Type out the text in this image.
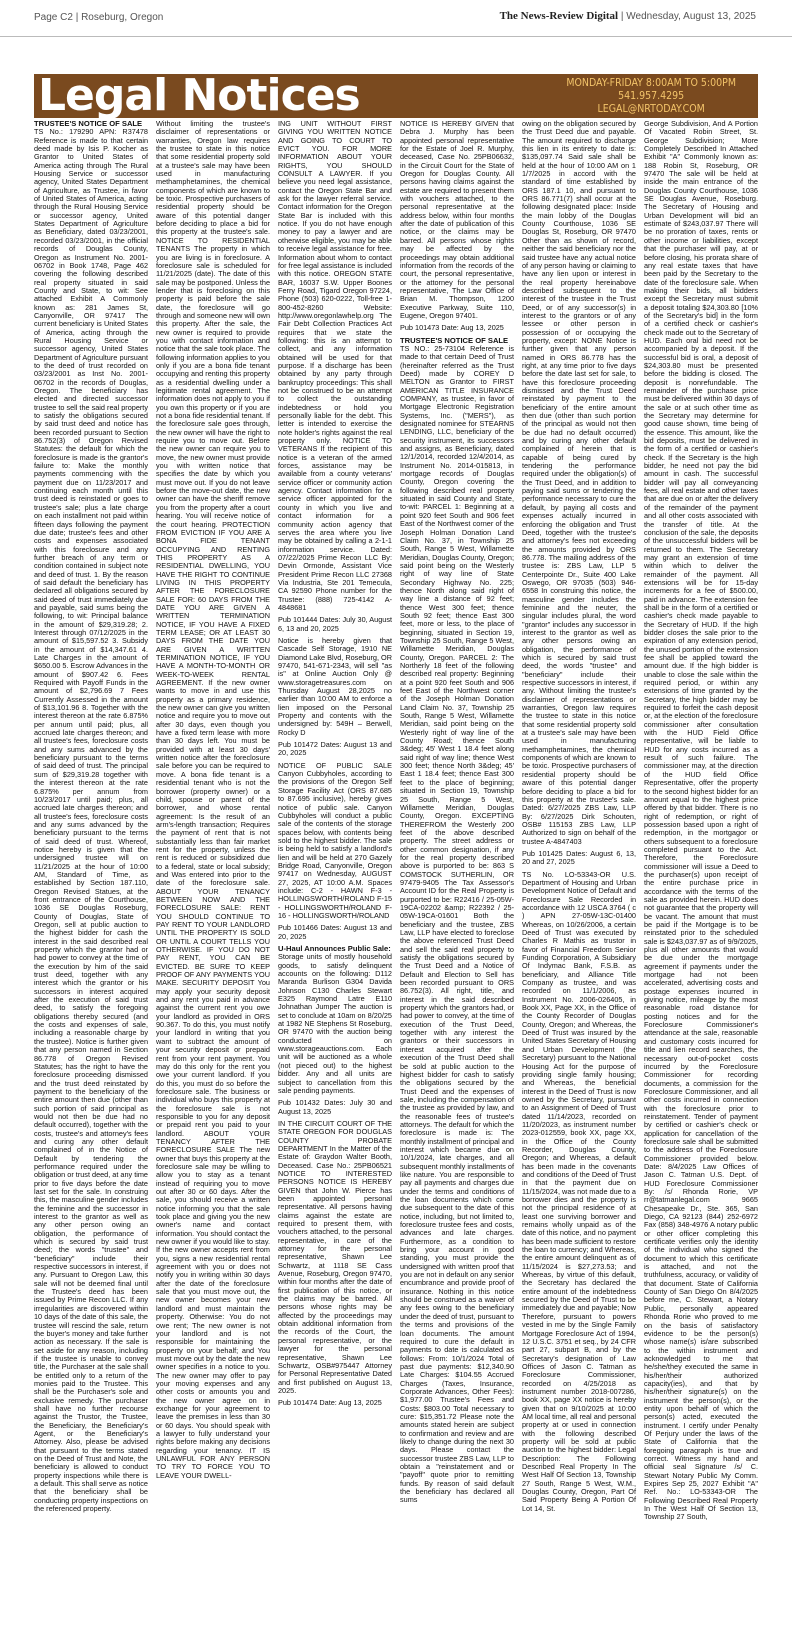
Page C2 | Roseburg, Oregon	The News-Review Digital | Wednesday, August 13, 2025
Legal Notices	MONDAY-FRIDAY 8:00AM TO 5:00PM
541.957.4295
LEGAL@NRTODAY.COM
TRUSTEE'S NOTICE OF SALE
TS No.: 179290 APN: R37478 Reference is made to that certain deed made by Isis P. Kocher as Grantor to United States of America acting through The Rural Housing Service or successor agency, United States Department of Agriculture, as Trustee, in favor of United States of America, acting through the Rural Housing Service or successor agency, United States Department of Agriculture as Beneficiary, dated 03/23/2001, recorded 03/23/2001, in the official records of Douglas County, Oregon as Instrument No. 2001-06702 in Book 1748, Page 462 covering the following described real property situated in said County and State, to wit: See attached Exhibit A Commonly known as: 281 James St, Canyonville, OR 97417 The current beneficiary is United States of America, acting through the Rural Housing Service or successor agency, United States Department of Agriculture pursuant to the deed of trust recorded on 03/23/2001 as Inst No. 2001-06702 in the records of Douglas, Oregon. The beneficiary has elected and directed successor trustee to sell the said real property to satisfy the obligations secured by said trust deed and notice has been recorded pursuant to Section 86.752(3) of Oregon Revised Statutes: the default for which the foreclosure is made is the grantor's failure to: Make the monthly payments commencing with the payment due on 11/23/2017 and continuing each month until this trust deed is reinstated or goes to trustee's sale; plus a late charge on each installment not paid within fifteen days following the payment due date; trustee's fees and other costs and expenses associated with this foreclosure and any further breach of any term or condition contained in subject note and deed of trust. 1. By the reason of said default the beneficiary has declared all obligations secured by said deed of trust immediately due and payable, said sums being the following, to wit: Principal balance in the amount of $29,319.28; 2. Interest through 07/12/2025 in the amount of $15,597.52 3. Subsidy in the amount of $14,347.61 4. Late Charges in the amount of $650.00 5. Escrow Advances in the amount of $907.42 6. Fees Required with Payoff Funds in the amount of $2,796.69 7 Fees Currently Assessed in the amount of $13,101.96 8. Together with the interest thereon at the rate 6.875% per annum until paid; plus, all accrued late charges thereon; and all trustee's fees, foreclosure costs and any sums advanced by the beneficiary pursuant to the terms of said deed of trust. The principal sum of $29,319.28 together with the interest thereon at the rate 6.875% per annum from 10/23/2017 until paid; plus, all accrued late charges thereon; and all trustee's fees, foreclosure costs and any sums advanced by the beneficiary pursuant to the terms of said deed of trust. Whereof, notice hereby is given that the undersigned trustee will on 11/21/2025 at the hour of 10:00 AM, Standard of Time, as established by Section 187.110, Oregon Revised Statues, at the front entrance of the Courthouse, 1036 SE Douglas Roseburg, County of Douglas, State of Oregon, sell at public auction to the highest bidder for cash the interest in the said described real property which the grantor had or had power to convey at the time of the execution by him of the said trust deed, together with any interest which the grantor or his successors in interest acquired after the execution of said trust deed, to satisfy the foregoing obligations thereby secured (and the costs and expenses of sale, including a reasonable charge by the trustee). Notice is further given that any person named in Section 86.778 of Oregon Revised Statutes; has the right to have the foreclosure proceeding dismissed and the trust deed reinstated by payment to the beneficiary of the entire amount then due (other than such portion of said principal as would not then be due had no default occurred), together with the costs, trustee's and attorney's fees and curing any other default complained of in the Notice of Default by tendering the performance required under the obligation or trust deed, at any time prior to five days before the date last set for the sale. In construing this, the masculine gender includes the feminine and the successor in interest to the grantor as well as any other person owing an obligation, the performance of which is secured by said trust deed; the words "trustee" and "beneficiary" include their respective successors in interest, if any. Pursuant to Oregon Law, this sale will not be deemed final until the Trustee's deed has been issued by Prime Recon LLC. If any irregularities are discovered within 10 days of the date of this sale, the trustee will rescind the sale, return the buyer's money and take further action as necessary. If the sale is set aside for any reason, including if the trustee is unable to convey title, the Purchaser at the sale shall be entitled only to a return of the monies paid to the Trustee. This shall be the Purchaser's sole and exclusive remedy. The purchaser shall have no further recourse against the Trustor, the Trustee, the Beneficiary, the Beneficiary's Agent, or the Beneficiary's Attorney. Also, please be advised that pursuant to the terms stated on the Deed of Trust and Note, the beneficiary is allowed to conduct property inspections while there is a default. This shall serve as notice that the beneficiary shall be conducting property inspections on the referenced property.
Without limiting the trustee's disclaimer of representations or warranties, Oregon law requires the trustee to state in this notice that some residential property sold at a trustee's sale may have been used in manufacturing methamphetamines, the chemical components of which are known to be toxic. Prospective purchasers of residential property should be aware of this potential danger before deciding to place a bid for this property at the trustee's sale. NOTICE TO RESIDENTIAL TENANTS The property in which you are living is in foreclosure. A foreclosure sale is scheduled for 11/21/2025 (date). The date of this sale may be postponed. Unless the lender that is foreclosing on this property is paid before the sale date, the foreclosure will go through and someone new will own this property. After the sale, the new owner is required to provide you with contact information and notice that the sale took place. The following information applies to you only if you are a bona fide tenant occupying and renting this property as a residential dwelling under a legitimate rental agreement. The information does not apply to you if you own this property or if you are not a bona fide residential tenant. If the foreclosure sale goes through, the new owner will have the right to require you to move out. Before the new owner can require you to move, the new owner must provide you with written notice that specifies the date by which you must move out. If you do not leave before the move-out date, the new owner can have the sheriff remove you from the property after a court hearing. You will receive notice of the court hearing. PROTECTION FROM EVICTION IF YOU ARE A BONA FIDE TENANT OCCUPYING AND RENTING THIS PROPERTY AS A RESIDENTIAL DWELLING, YOU HAVE THE RIGHT TO CONTINUE LIVING IN THIS PROPERTY AFTER THE FORECLOSURE SALE FOR: 60 DAYS FROM THE DATE YOU ARE GIVEN A WRITTEN TERMINATION NOTICE, IF YOU HAVE A FIXED TERM LEASE; OR AT LEAST 30 DAYS FROM THE DATE YOU ARE GIVEN A WRITTEN TERMINATION NOTICE, IF YOU HAVE A MONTH-TO-MONTH OR WEEK-TO-WEEK RENTAL AGREEMENT. If the new owner wants to move in and use this property as a primary residence, the new owner can give you written notice and require you to move out after 30 days, even though you have a fixed term lease with more than 30 days left. You must be provided with at least 30 days' written notice after the foreclosure sale before you can be required to move. A bona fide tenant is a residential tenant who is not the borrower (property owner) or a child, spouse or parent of the borrower, and whose rental agreement: Is the result of an arm's-length transaction; Requires the payment of rent that is not substantially less than fair market rent for the property, unless the rent is reduced or subsidized due to a federal, state or local subsidy; and Was entered into prior to the date of the foreclosure sale. ABOUT YOUR TENANCY BETWEEN NOW AND THE FORECLOSURE SALE: RENT YOU SHOULD CONTINUE TO PAY RENT TO YOUR LANDLORD UNTIL THE PROPERTY IS SOLD OR UNTIL A COURT TELLS YOU OTHERWISE. IF YOU DO NOT PAY RENT, YOU CAN BE EVICTED. BE SURE TO KEEP PROOF OF ANY PAYMENTS YOU MAKE. SECURITY DEPOSIT You may apply your security deposit and any rent you paid in advance against the current rent you owe your landlord as provided in ORS 90.367. To do this, you must notify your landlord in writing that you want to subtract the amount of your security deposit or prepaid rent from your rent payment. You may do this only for the rent you owe your current landlord. If you do this, you must do so before the foreclosure sale. The business or individual who buys this property at the foreclosure sale is not responsible to you for any deposit or prepaid rent you paid to your landlord. ABOUT YOUR TENANCY AFTER THE FORECLOSURE SALE The new owner that buys this property at the foreclosure sale may be willing to allow you to stay as a tenant instead of requiring you to move out after 30 or 60 days. After the sale, you should receive a written notice informing you that the sale took place and giving you the new owner's name and contact information. You should contact the new owner if you would like to stay. If the new owner accepts rent from you, signs a new residential rental agreement with you or does not notify you in writing within 30 days after the date of the foreclosure sale that you must move out, the new owner becomes your new landlord and must maintain the property. Otherwise: You do not owe rent; The new owner is not your landlord and is not responsible for maintaining the property on your behalf; and You must move out by the date the new owner specifies in a notice to you. The new owner may offer to pay your moving expenses and any other costs or amounts you and the new owner agree on in exchange for your agreement to leave the premises in less than 30 or 60 days. You should speak with a lawyer to fully understand your rights before making any decisions regarding your tenancy. IT IS UNLAWFUL FOR ANY PERSON TO TRY TO FORCE YOU TO LEAVE YOUR DWELL-
ING UNIT WITHOUT FIRST GIVING YOU WRITTEN NOTICE AND GOING TO COURT TO EVICT YOU. FOR MORE INFORMATION ABOUT YOUR RIGHTS, YOU SHOULD CONSULT A LAWYER. If you believe you need legal assistance, contact the Oregon State Bar and ask for the lawyer referral service. Contact information for the Oregon State Bar is included with this notice. If you do not have enough money to pay a lawyer and are otherwise eligible, you may be able to receive legal assistance for free. Information about whom to contact for free legal assistance is included with this notice. OREGON STATE BAR, 16037 S.W. Upper Boones Ferry Road, Tigard Oregon 97224, Phone (503) 620-0222, Toll-free 1-800-452-8260 Website: http://www.oregonlawhelp.org The Fair Debt Collection Practices Act requires that we state the following: this is an attempt to collect, and any information obtained will be used for that purpose. If a discharge has been obtained by any party through bankruptcy proceedings: This shall not be construed to be an attempt to collect the outstanding indebtedness or hold you personally liable for the debt. This letter is intended to exercise the note holder's rights against the real property only. NOTICE TO VETERANS If the recipient of this notice is a veteran of the armed forces, assistance may be available from a county veterans' service officer or community action agency. Contact information for a service officer appointed for the county in which you live and contact information for a community action agency that serves the area where you live may be obtained by calling a 2-1-1 information service. Dated: 07/22/2025 Prime Recon LLC By: Devin Ormonde, Assistant Vice President Prime Recon LLC 27368 Via Industria, Ste 201 Temecula, CA 92590 Phone number for the Trustee: (888) 725-4142 A-4848681
Pub 101444 Dates: July 30, August 6, 13 and 20, 2025
Notice is hereby given that Cascade Self Storage, 1910 NE Diamond Lake Blvd, Roseburg, OR 97470, 541-671-2343, will sell "as is" at Online Auction Only @ www.storagetreasures.com on Thursday August 28,2025 no earlier than 10:00 AM to enforce a lien imposed on the Personal Property and contents with the undersigned by: 549H – Berwell, Rocky D
Pub 101472 Dates: August 13 and 20, 2025
NOTICE OF PUBLIC SALE Canyon Cubbyholes, according to the provisions of the Oregon Self Storage Facility Act (ORS 87.685 to 87.695 inclusive), hereby gives notice of public sale. Canyon Cubbyholes will conduct a public sale of the contents of the storage spaces below, with contents being sold to the highest bidder. The sale is being held to satisfy a landlord's lien and will be held at 270 Gazely Bridge Road, Canyonville, Oregon 97417 on Wednesday, AUGUST 27, 2025, AT 10:00 A.M. Spaces include: C-2 - HAWN F-3 - HOLLINGSWORTH/ROLAND F-15 - HOLLINGSWORTH/ROLAND F-16 - HOLLINGSWORTH/ROLAND
Pub 101466 Dates: August 13 and 20, 2025
U-Haul Announces Public Sale:
Storage units of mostly household goods, to satisfy delinquent accounts on the following: D112 Maranda Burlison G304 Davida Johnson C130 Charles Stewart E325 Raymond Latre E110 Johnathan Jumper The auction is set to conclude at 10am on 8/20/25 at 1982 NE Stephens St Roseburg, OR 97470 with the auction being conducted on www.storageauctions.com. Each unit will be auctioned as a whole (not pieced out) to the highest bidder. Any and all units are subject to cancellation from this sale pending payments.
Pub 101432 Dates: July 30 and August 13, 2025
IN THE CIRCUIT COURT OF THE STATE OREGON FOR DOUGLAS COUNTY PROBATE DEPARTMENT In the Matter of the Estate of: Graydon Walter Booth, Deceased. Case No.: 25PB06521 NOTICE TO INTERESTED PERSONS NOTICE IS HEREBY GIVEN that John W. Pierce has been appointed personal representative. All persons having claims against the estate are required to present them, with vouchers attached, to the personal representative, in care of the attorney for the personal representative, Shawn Lee Schwartz, at 1118 SE Cass Avenue, Roseburg, Oregon 97470, within four months after the date of first publication of this notice, or the claims may be barred. All persons whose rights may be affected by the proceedings may obtain additional information from the records of the Court, the personal representative, or the lawyer for the personal representative, Shawn Lee Schwartz, OSB#975447 Attorney for Personal Representative Dated and first published on August 13, 2025.
Pub 101474 Date: Aug 13, 2025
NOTICE IS HEREBY GIVEN that Debra J. Murphy has been appointed personal representative for the Estate of Joel R. Murphy, deceased, Case No. 25PB06632, in the Circuit Court for the State of Oregon for Douglas County. All persons having claims against the estate are required to present them with vouchers attached, to the personal representative at the address below, within four months after the date of publication of this notice, or the claims may be barred. All persons whose rights may be affected by the proceedings may obtain additional information from the records of the court, the personal representative, or the attorney for the personal representative, The Law Office of Brian M. Thompson, 1200 Executive Parkway, Suite 110, Eugene, Oregon 97401.
Pub 101473 Date: Aug 13, 2025
TRUSTEE'S NOTICE OF SALE
TS NO.: 25-73104 Reference is made to that certain Deed of Trust (hereinafter referred as the Trust Deed) made by COREY D MELTON as Grantor to FIRST AMERICAN TITLE INSURANCE COMPANY, as trustee, in favor of Mortgage Electronic Registration Systems, Inc. ("MERS"), as designated nominee for STEARNS LENDING, LLC, beneficiary of the security instrument, its successors and assigns, as Beneficiary, dated 12/1/2014, recorded 12/4/2014, as Instrument No. 2014-015813, in mortgage records of Douglas County, Oregon covering the following described real property situated in said County and State, to-wit: PARCEL 1: Beginning at a point 920 feet South and 906 feet East of the Northwest corner of the Joseph Holman Donation Land Claim No. 37, in Township 25 South, Range 5 West, Willamette Meridian, Douglas County, Oregon; said point being on the Westerly right of way line of State Secondary Highway No. 225; thence North along said right of way line a distance of 92 feet; thence West 300 feet; thence South 92 feet; thence East 300 feet, more or less, to the place of beginning, situated in Section 19, Township 25 South, Range 5 West, Willamette Meridian, Douglas County, Oregon. PARCEL 2: The Northerly 18 feet of the following described real property: Beginning at a point 920 feet South and 906 feet East of the Northwest corner of the Joseph Holman Donation Land Claim No. 37, Township 25 South, Range 5 West, Willamette Meridian, said point being on the Westerly right of way line of the County Road; thence South 3&deg; 45' West 1 18.4 feet along said right of way line; thence West 300 feet; thence North 3&deg; 45' East 1 18.4 feet; thence East 300 feet to the place of beginning; situated in Section 19, Township 25 South, Range 5 West, Willamette Meridian, Douglas County, Oregon. EXCEPTING THEREFROM the Westerly 200 feet of the above described property. The street address or other common designation, if any for the real property described above is purported to be: 863 S COMSTOCK SUTHERLIN, OR 97479-9405 The Tax Assessor's Account ID for the Real Property is purported to be: R22416 / 25-05W-19CA-02202 &amp; R22392 / 25-05W-19CA-01601 Both the beneficiary and the trustee, ZBS Law, LLP have elected to foreclose the above referenced Trust Deed and sell the said real property to satisfy the obligations secured by the Trust Deed and a Notice of Default and Election to Sell has been recorded pursuant to ORS 86.752(3). All right, title, and interest in the said described property which the grantors had, or had power to convey, at the time of execution of the Trust Deed, together with any interest the grantors or their successors in interest acquired after the execution of the Trust Deed shall be sold at public auction to the highest bidder for cash to satisfy the obligations secured by the Trust Deed and the expenses of sale, including the compensation of the trustee as provided by law, and the reasonable fees of trustee's attorneys. The default for which the foreclosure is made is: The monthly installment of principal and interest which became due on 10/1/2024, late charges, and all subsequent monthly installments of like nature. You are responsible to pay all payments and charges due under the terms and conditions of the loan documents which come due subsequent to the date of this notice, including, but not limited to, foreclosure trustee fees and costs, advances and late charges. Furthermore, as a condition to bring your account in good standing, you must provide the undersigned with written proof that you are not in default on any senior encumbrance and provide proof of insurance. Nothing in this notice should be construed as a waiver of any fees owing to the beneficiary under the deed of trust, pursuant to the terms and provisions of the loan documents. The amount required to cure the default in payments to date is calculated as follows: From: 10/1/2024 Total of past due payments: $12,340.90 Late Charges: $104.55 Accrued Charges (Taxes, Insurance, Corporate Advances, Other Fees): $1,977.00 Trustee's Fees and Costs: $803.00 Total necessary to cure: $15,351.72 Please note the amounts stated herein are subject to confirmation and review and are likely to change during the next 30 days. Please contact the successor trustee ZBS Law, LLP to obtain a "reinstatement and or "payoff" quote prior to remitting funds. By reason of said default the beneficiary has declared all sums
owing on the obligation secured by the Trust Deed due and payable. The amount required to discharge this lien in its entirety to date is: $135,097.74 Said sale shall be held at the hour of 10:00 AM on 1 1/7/2025 in accord with the standard of time established by ORS 187.1 10, and pursuant to ORS 86.771(7) shall occur at the following designated place: Inside the main lobby of the Douglas County Courthouse, 1036 SE Douglas St, Roseburg, OR 97470 Other than as shown of record, neither the said beneficiary nor the said trustee have any actual notice of any person having or claiming to have any lien upon or interest in the real property hereinabove described subsequent to the interest of the trustee in the Trust Deed, or of any successor(s) in interest to the grantors or of any lessee or other person in possession of or occupying the property, except: NONE Notice is further given that any person named in ORS 86.778 has the right, at any time prior to five days before the date last set for sale, to have this foreclosure proceeding dismissed and the Trust Deed reinstated by payment to the beneficiary of the entire amount then due (other than such portion of the principal as would not then be due had no default occurred) and by curing any other default complained of herein that is capable of being cured by tendering the performance required under the obligation(s) of the Trust Deed, and in addition to paying said sums or tendering the performance necessary to cure the default, by paying all costs and expenses actually incurred in enforcing the obligation and Trust Deed, together with the trustee's and attorney's fees not exceeding the amounts provided by ORS 86.778. The mailing address of the trustee is: ZBS Law, LLP 5 Centerpointe Dr., Suite 400 Lake Oswego, OR 97035 (503) 946-6558 In construing this notice, the masculine gender includes the feminine and the neuter, the singular includes plural, the word "grantor" includes any successor in interest to the grantor as well as any other persons owing an obligation, the performance of which is secured by said trust deed, the words "trustee" and "beneficiary" include their respective successors in interest, if any. Without limiting the trustee's disclaimer of representations or warranties, Oregon law requires the trustee to state in this notice that some residential property sold at a trustee's sale may have been used in manufacturing methamphetamines, the chemical components of which are known to be toxic. Prospective purchasers of residential property should be aware of this potential danger before deciding to place a bid for this property at the trustee's sale. Dated: 6/27/2025 ZBS Law, LLP By: 6/27/2025 Dirk Schouten, OSB# 115153 ZBS Law, LLP Authorized to sign on behalf of the trustee A-4847403
Pub 101425 Dates: August 6, 13, 20 and 27, 2025
TS No. LO-53343-OR U.S. Department of Housing and Urban Development Notice of Default and Foreclosure Sale Recorded in accordance with 12 USCA 3764 ( c ) APN 27-05W-13C-01400 Whereas, on 10/26/2006, a certain Deed of Trust was executed by Charles R Mathis as trustor in favor of Financial Freedom Senior Funding Corporation, A Subsidiary Of Indymac Bank, F.S.B. as beneficiary, and Alliance Title Company as trustee, and was recorded on 11/1/2006, as Instrument No. 2006-026405, in Book XX, Page XX, in the Office of the County Recorder of Douglas County, Oregon; and Whereas, the Deed of Trust was insured by the United States Secretary of Housing and Urban Development (the Secretary) pursuant to the National Housing Act for the purpose of providing single family housing; and Whereas, the beneficial interest in the Deed of Trust is now owned by the Secretary, pursuant to an Assignment of Deed of Trust dated 11/14/2023, recorded on 11/20/2023, as instrument number 2023-012559, book XX, page XX, in the Office of the County Recorder, Douglas County, Oregon; and Whereas, a default has been made in the covenants and conditions of the Deed of Trust in that the payment due on 11/15/2024, was not made due to a borrower dies and the property is not the principal residence of at least one surviving borrower and remains wholly unpaid as of the date of this notice, and no payment has been made sufficient to restore the loan to currency; and Whereas, the entire amount delinquent as of 11/15/2024 is $27,273.53; and Whereas, by virtue of this default, the Secretary has declared the entire amount of the indebtedness secured by the Deed of Trust to be immediately due and payable; Now Therefore, pursuant to powers vested in me by the Single Family Mortgage Foreclosure Act of 1994, 12 U.S.C. 3751 et seq., by 24 CFR part 27, subpart B, and by the Secretary's designation of Law Offices of Jason C. Tatman as Foreclosure Commissioner, recorded on 4/25/2018 as instrument number 2018-007286, book XX, page XX notice is hereby given that on 9/10/2025 at 10:00 AM local time, all real and personal property at or used in connection with the following described property will be sold at public auction to the highest bidder: Legal Description: The Following Described Real Property In The West Half Of Section 13, Township 27 South, Range 5 West, W.M., Douglas County, Oregon, Part Of Said Property Being A Portion Of Lot 14, St.
George Subdivision, And A Portion Of Vacated Robin Street, St. George Subdivision; More Completely Described In Attached Exhibit "A" Commonly known as: 188 Robin St, Roseburg, OR 97470 The sale will be held at inside the main entrance of the Douglas County Courthouse, 1036 SE Douglas Avenue, Roseburg. The Secretary of Housing and Urban Development will bid an estimate of $243,037.97 There will be no proration of taxes, rents or other income or liabilities, except that the purchaser will pay, at or before closing, his prorata share of any real estate taxes that have been paid by the Secretary to the date of the foreclosure sale. When making their bids, all bidders except the Secretary must submit a deposit totaling $24,303.80 [10% of the Secretary's bid] in the form of a certified check or cashier's check made out to the Secretary of HUD. Each oral bid need not be accompanied by a deposit. If the successful bid is oral, a deposit of $24,303.80 must be presented before the bidding is closed. The deposit is nonrefundable. The remainder of the purchase price must be delivered within 30 days of the sale or at such other time as the Secretary may determine for good cause shown, time being of the essence. This amount, like the bid deposits, must be delivered in the form of a certified or cashier's check. If the Secretary is the high bidder, he need not pay the bid amount in cash. The successful bidder will pay all conveyancing fees, all real estate and other taxes that are due on or after the delivery of the remainder of the payment and all other costs associated with the transfer of title. At the conclusion of the sale, the deposits of the unsuccessful bidders will be returned to them. The Secretary may grant an extension of time within which to deliver the remainder of the payment. All extensions will be for 15-day increments for a fee of $500.00, paid in advance. The extension fee shall be in the form of a certified or cashier's check made payable to the Secretary of HUD. If the high bidder closes the sale prior to the expiration of any extension period, the unused portion of the extension fee shall be applied toward the amount due. If the high bidder is unable to close the sale within the required period, or within any extensions of time granted by the Secretary, the high bidder may be required to forfeit the cash deposit or, at the election of the foreclosure commissioner after consultation with the HUD Field Office representative, will be liable to HUD for any costs incurred as a result of such failure. The commissioner may, at the direction of the HUD field Office Representative, offer the property to the second highest bidder for an amount equal to the highest price offered by that bidder. There is no right of redemption, or right of possession based upon a right of redemption, in the mortgagor or others subsequent to a foreclosure completed pursuant to the Act. Therefore, the Foreclosure commissioner will issue a Deed to the purchaser(s) upon receipt of the entire purchase price in accordance with the terms of the sale as provided herein. HUD does not guarantee that the property will be vacant. The amount that must be paid if the Mortgage is to be reinstated prior to the scheduled sale is $243,037.97 as of 9/9/2025, plus all other amounts that would be due under the mortgage agreement if payments under the mortgage had not been accelerated, advertising costs and postage expenses incurred in giving notice, mileage by the most reasonable road distance for posting notices and for the Foreclosure Commissioner's attendance at the sale, reasonable and customary costs incurred for title and lien record searches, the necessary out-of-pocket costs incurred by the Foreclosure Commissioner for recording documents, a commission for the Foreclosure Commissioner, and all other costs incurred in connection with the foreclosure prior to reinstatement. Tender of payment by certified or cashier's check or application for cancellation of the foreclosure sale shall be submitted to the address of the Foreclosure Commissioner provided below. Date: 8/4/2025 Law Offices of Jason C. Tatman U.S. Dept. of HUD Foreclosure Commissioner By: /s/ Rhonda Rorie, VP rr@tatmanlegal.com 9665 Chesapeake Dr., Ste. 365, San Diego, CA 92123 (844) 252-6972 Fax (858) 348-4976 A notary public or other officer completing this certificate verifies only the identity of the individual who signed the document to which this certificate is attached, and not the truthfulness, accuracy, or validity of that document. State of California County of San Diego On 8/4/2025 before me, C. Stewart, a Notary Public, personally appeared Rhonda Rorie who proved to me on the basis of satisfactory evidence to be the person(s) whose name(s) is/are subscribed to the within instrument and acknowledged to me that he/she/they executed the same in his/her/their authorized capacity(ies), and that by his/her/their signature(s) on the instrument the person(s), or the entity upon behalf of which the person(s) acted, executed the instrument. I certify under Penalty Of Perjury under the laws of the State of California that the foregoing paragraph is true and correct. Witness my hand and official seal Signature /s/ C. Stewart Notary Public My Comm. Expires Sep 25, 2027 Exhibit "A" Ref. No.: LO-53343-OR The Following Described Real Property In The West Half Of Section 13, Township 27 South,
